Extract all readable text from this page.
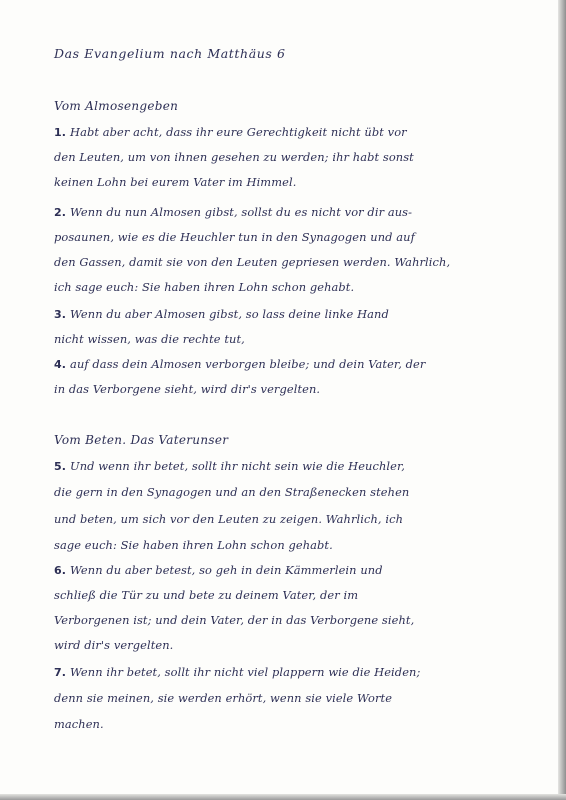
Das Evangelium nach Matthäus 6
Vom Almosengeben
1. Habt aber acht, dass ihr eure Gerechtigkeit nicht übt vor
den Leuten, um von ihnen gesehen zu werden; ihr habt sonst
keinen Lohn bei eurem Vater im Himmel.
2. Wenn du nun Almosen gibst, sollst du es nicht vor dir aus-
posaunen, wie es die Heuchler tun in den Synagogen und auf
den Gassen, damit sie von den Leuten gepriesen werden. Wahrlich,
ich sage euch: Sie haben ihren Lohn schon gehabt.
3. Wenn du aber Almosen gibst, so lass deine linke Hand
nicht wissen, was die rechte tut,
4. auf dass dein Almosen verborgen bleibe; und dein Vater, der
in das Verborgene sieht, wird dir's vergelten.
Vom Beten. Das Vaterunser
5. Und wenn ihr betet, sollt ihr nicht sein wie die Heuchler,
die gern in den Synagogen und an den Straßenecken stehen
und beten, um sich vor den Leuten zu zeigen. Wahrlich, ich
sage euch: Sie haben ihren Lohn schon gehabt.
6. Wenn du aber betest, so geh in dein Kämmerlein und
schließ die Tür zu und bete zu deinem Vater, der im
Verborgenen ist; und dein Vater, der in das Verborgene sieht,
wird dir's vergelten.
7. Wenn ihr betet, sollt ihr nicht viel plappern wie die Heiden;
denn sie meinen, sie werden erhört, wenn sie viele Worte
machen.
